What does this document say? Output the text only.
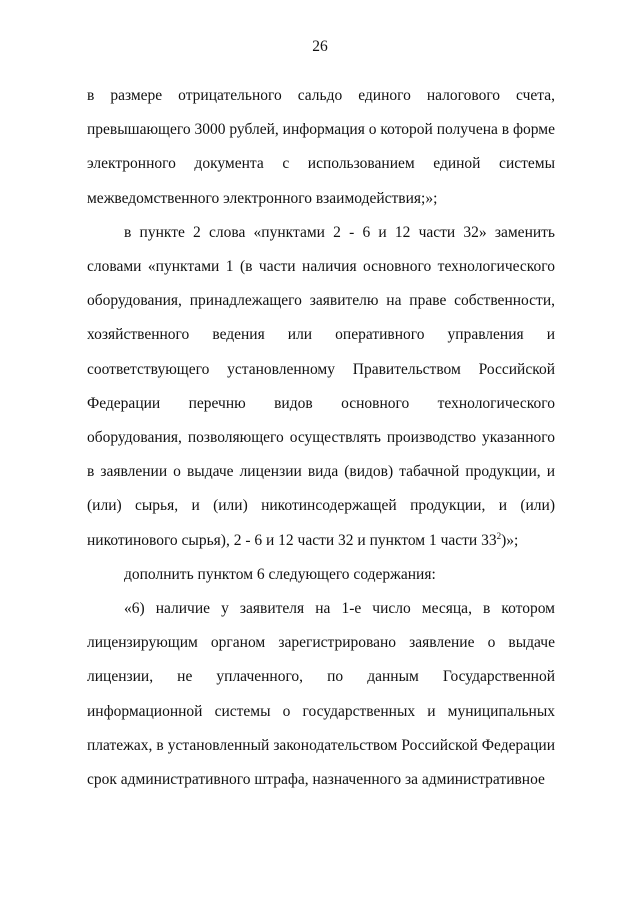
26

в размере отрицательного сальдо единого налогового счета, превышающего 3000 рублей, информация о которой получена в форме электронного документа с использованием единой системы межведомственного электронного взаимодействия;»;

в пункте 2 слова «пунктами 2 - 6 и 12 части 32» заменить словами «пунктами 1 (в части наличия основного технологического оборудования, принадлежащего заявителю на праве собственности, хозяйственного ведения или оперативного управления и соответствующего установленному Правительством Российской Федерации перечню видов основного технологического оборудования, позволяющего осуществлять производство указанного в заявлении о выдаче лицензии вида (видов) табачной продукции, и (или) сырья, и (или) никотинсодержащей продукции, и (или) никотинового сырья), 2 - 6 и 12 части 32 и пунктом 1 части $33^2$)»;

дополнить пунктом 6 следующего содержания:

«6) наличие у заявителя на 1-е число месяца, в котором лицензирующим органом зарегистрировано заявление о выдаче лицензии, не уплаченного, по данным Государственной информационной системы о государственных и муниципальных платежах, в установленный законодательством Российской Федерации срок административного штрафа, назначенного за административное
